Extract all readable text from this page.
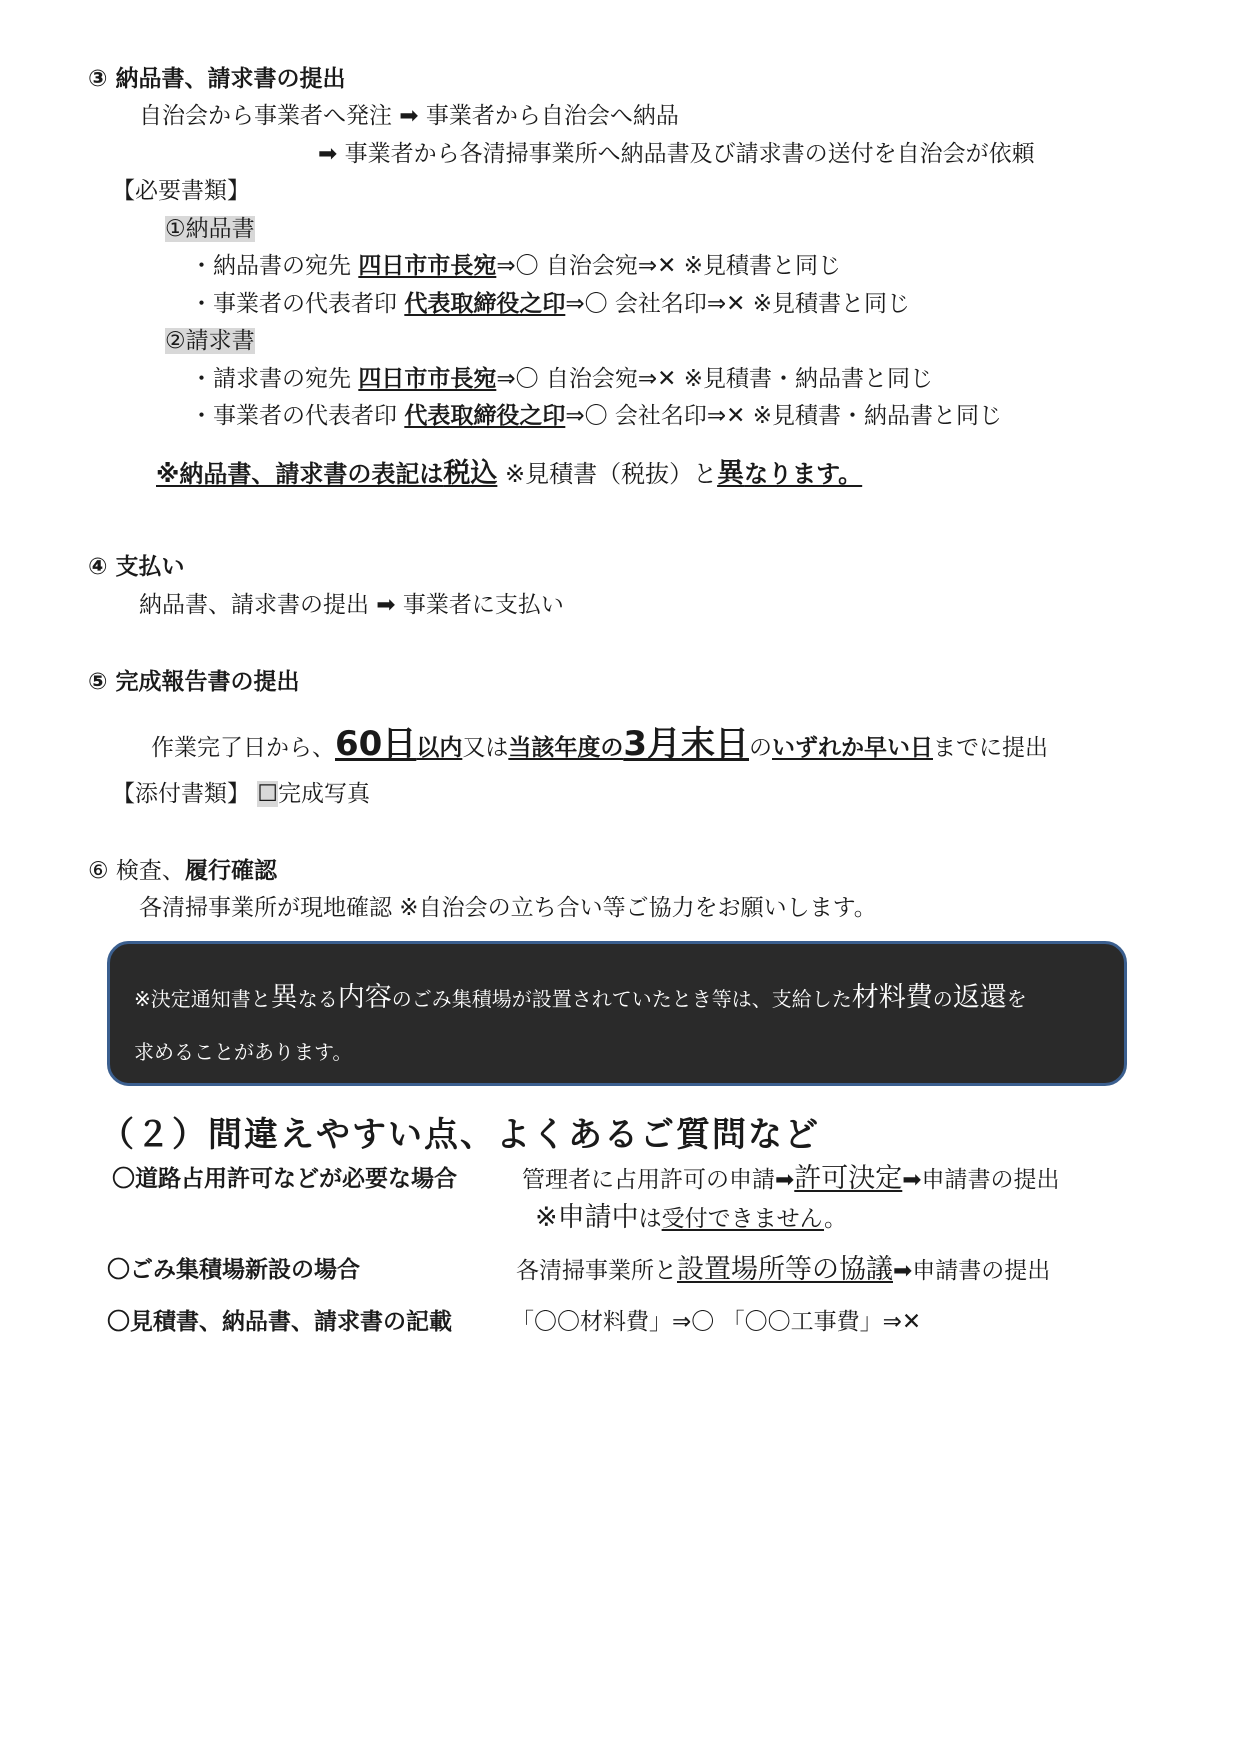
③ 納品書、請求書の提出
自治会から事業者へ発注 ➡ 事業者から自治会へ納品
➡ 事業者から各清掃事業所へ納品書及び請求書の送付を自治会が依頼
【必要書類】
①納品書
・納品書の宛先 四日市市長宛⇒〇 自治会宛⇒✕ ※見積書と同じ
・事業者の代表者印 代表取締役之印⇒〇 会社名印⇒✕ ※見積書と同じ
②請求書
・請求書の宛先 四日市市長宛⇒〇 自治会宛⇒✕ ※見積書・納品書と同じ
・事業者の代表者印 代表取締役之印⇒〇 会社名印⇒✕ ※見積書・納品書と同じ
※納品書、請求書の表記は税込 ※見積書（税抜）と異なります。
④ 支払い
納品書、請求書の提出 ➡ 事業者に支払い
⑤ 完成報告書の提出
作業完了日から、60日以内又は当該年度の3月末日のいずれか早い日までに提出
【添付書類】 ☐完成写真
⑥ 検査、履行確認
各清掃事業所が現地確認 ※自治会の立ち合い等ご協力をお願いします。
※決定通知書と異なる内容のごみ集積場が設置されていたとき等は、支給した材料費の返還を
求めることがあります。
（２）間違えやすい点、よくあるご質問など
〇道路占用許可などが必要な場合	管理者に占用許可の申請➡許可決定➡申請書の提出
※申請中は受付できません。
〇ごみ集積場新設の場合	各清掃事業所と設置場所等の協議➡申請書の提出
〇見積書、納品書、請求書の記載	「〇〇材料費」⇒〇 「〇〇工事費」⇒✕
